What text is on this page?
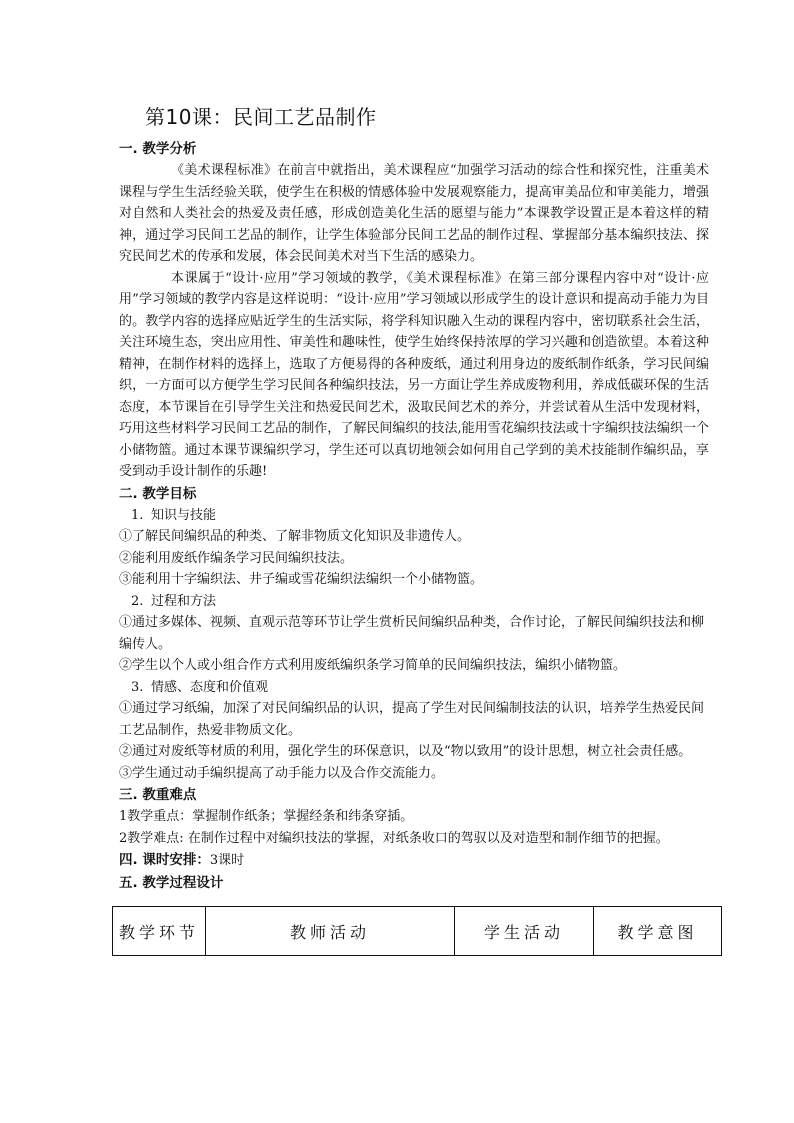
第10课：民间工艺品制作
一. 教学分析

《美术课程标准》在前言中就指出，美术课程应“加强学习活动的综合性和探究性，注重美术课程与学生生活经验关联，使学生在积极的情感体验中发展观察能力，提高审美品位和审美能力，增强对自然和人类社会的热爱及责任感，形成创造美化生活的愿望与能力”本课教学设置正是本着这样的精神，通过学习民间工艺品的制作，让学生体验部分民间工艺品的制作过程、掌握部分基本编织技法、探究民间艺术的传承和发展，体会民间美术对当下生活的感染力。

本课属于“设计·应用”学习领域的教学，《美术课程标准》在第三部分课程内容中对“设计·应用”学习领域的教学内容是这样说明：“设计·应用”学习领域以形成学生的设计意识和提高动手能力为目的。教学内容的选择应贴近学生的生活实际，将学科知识融入生动的课程内容中，密切联系社会生活，关注环境生态，突出应用性、审美性和趣味性，使学生始终保持浓厚的学习兴趣和创造欲望。本着这种精神，在制作材料的选择上，选取了方便易得的各种废纸，通过利用身边的废纸制作纸条，学习民间编织，一方面可以方便学生学习民间各种编织技法，另一方面让学生养成废物利用，养成低碳环保的生活态度，本节课旨在引导学生关注和热爱民间艺术，汲取民间艺术的养分，并尝试着从生活中发现材料，巧用这些材料学习民间工艺品的制作，了解民间编织的技法,能用雪花编织技法或十字编织技法编织一个小储物篮。通过本课节课编织学习，学生还可以真切地领会如何用自己学到的美术技能制作编织品，享受到动手设计制作的乐趣!

二. 教学目标
1. 知识与技能

①了解民间编织品的种类、了解非物质文化知识及非遗传人。

②能利用废纸作编条学习民间编织技法。

③能利用十字编织法、井子编或雪花编织法编织一个小储物篮。

2. 过程和方法

①通过多媒体、视频、直观示范等环节让学生赏析民间编织品种类，合作讨论，了解民间编织技法和柳编传人。

②学生以个人或小组合作方式利用废纸编织条学习简单的民间编织技法，编织小储物篮。

3. 情感、态度和价值观

①通过学习纸编，加深了对民间编织品的认识，提高了学生对民间编制技法的认识，培养学生热爱民间工艺品制作，热爱非物质文化。

②通过对废纸等材质的利用，强化学生的环保意识，以及“物以致用”的设计思想，树立社会责任感。

③学生通过动手编织提高了动手能力以及合作交流能力。

三. 教重难点

1教学重点：掌握制作纸条；掌握经条和纬条穿插。

2教学难点: 在制作过程中对编织技法的掌握，对纸条收口的驾驭以及对造型和制作细节的把握。

四. 课时安排：3课时
五. 教学过程设计
教学环节	教师活动	学生活动	教学意图
